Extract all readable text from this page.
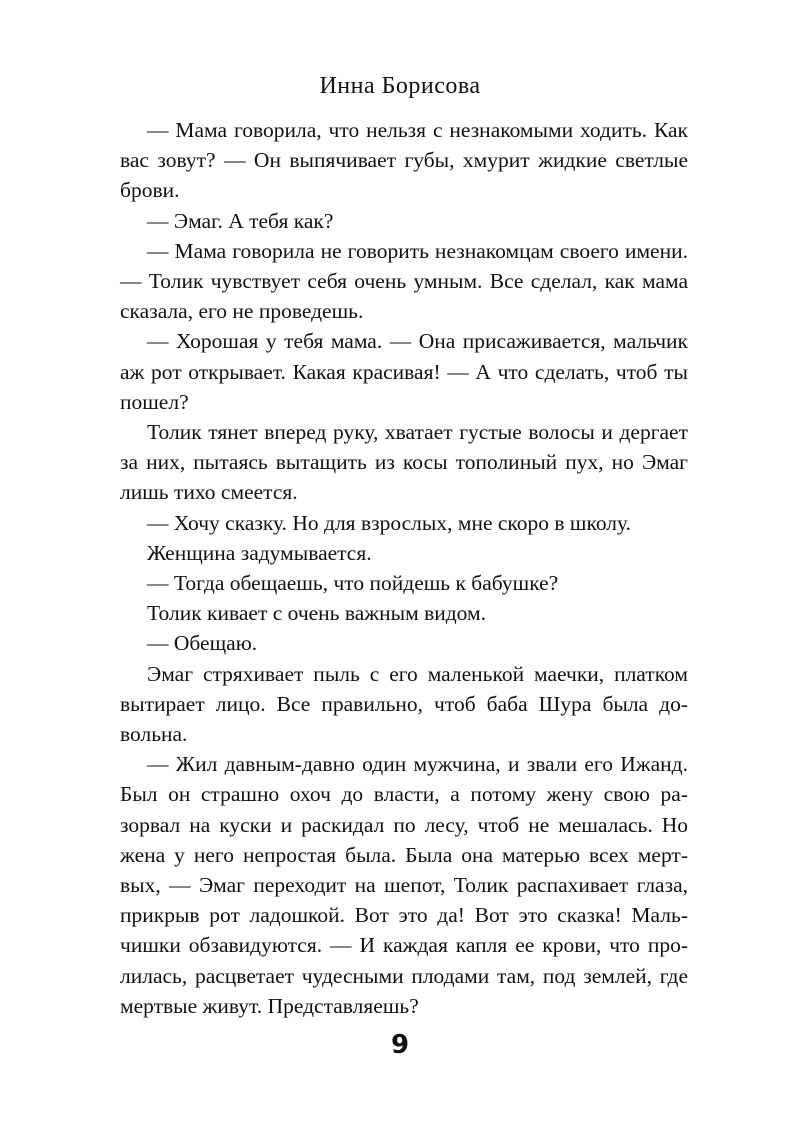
Инна Борисова

— Мама говорила, что нельзя с незнакомыми ходить. Как вас зовут? — Он выпячивает губы, хмурит жидкие светлые брови.

— Эмаг. А тебя как?

— Мама говорила не говорить незнакомцам своего имени. — Толик чувствует себя очень умным. Все сделал, как мама сказала, его не проведешь.

— Хорошая у тебя мама. — Она присаживается, мальчик аж рот открывает. Какая красивая! — А что сделать, чтоб ты пошел?

Толик тянет вперед руку, хватает густые волосы и дергает за них, пытаясь вытащить из косы тополиный пух, но Эмаг лишь тихо смеется.

— Хочу сказку. Но для взрослых, мне скоро в школу.

Женщина задумывается.

— Тогда обещаешь, что пойдешь к бабушке?

Толик кивает с очень важным видом.

— Обещаю.

Эмаг стряхивает пыль с его маленькой маечки, платком вытирает лицо. Все правильно, чтоб баба Шура была довольна.

— Жил давным-давно один мужчина, и звали его Ижанд. Был он страшно охоч до власти, а потому жену свою разорвал на куски и раскидал по лесу, чтоб не мешалась. Но жена у него непростая была. Была она матерью всех мертвых, — Эмаг переходит на шепот, Толик распахивает глаза, прикрыв рот ладошкой. Вот это да! Вот это сказка! Мальчишки обзавидуются. — И каждая капля ее крови, что пролилась, расцветает чудесными плодами там, под землей, где мертвые живут. Представляешь?

9
